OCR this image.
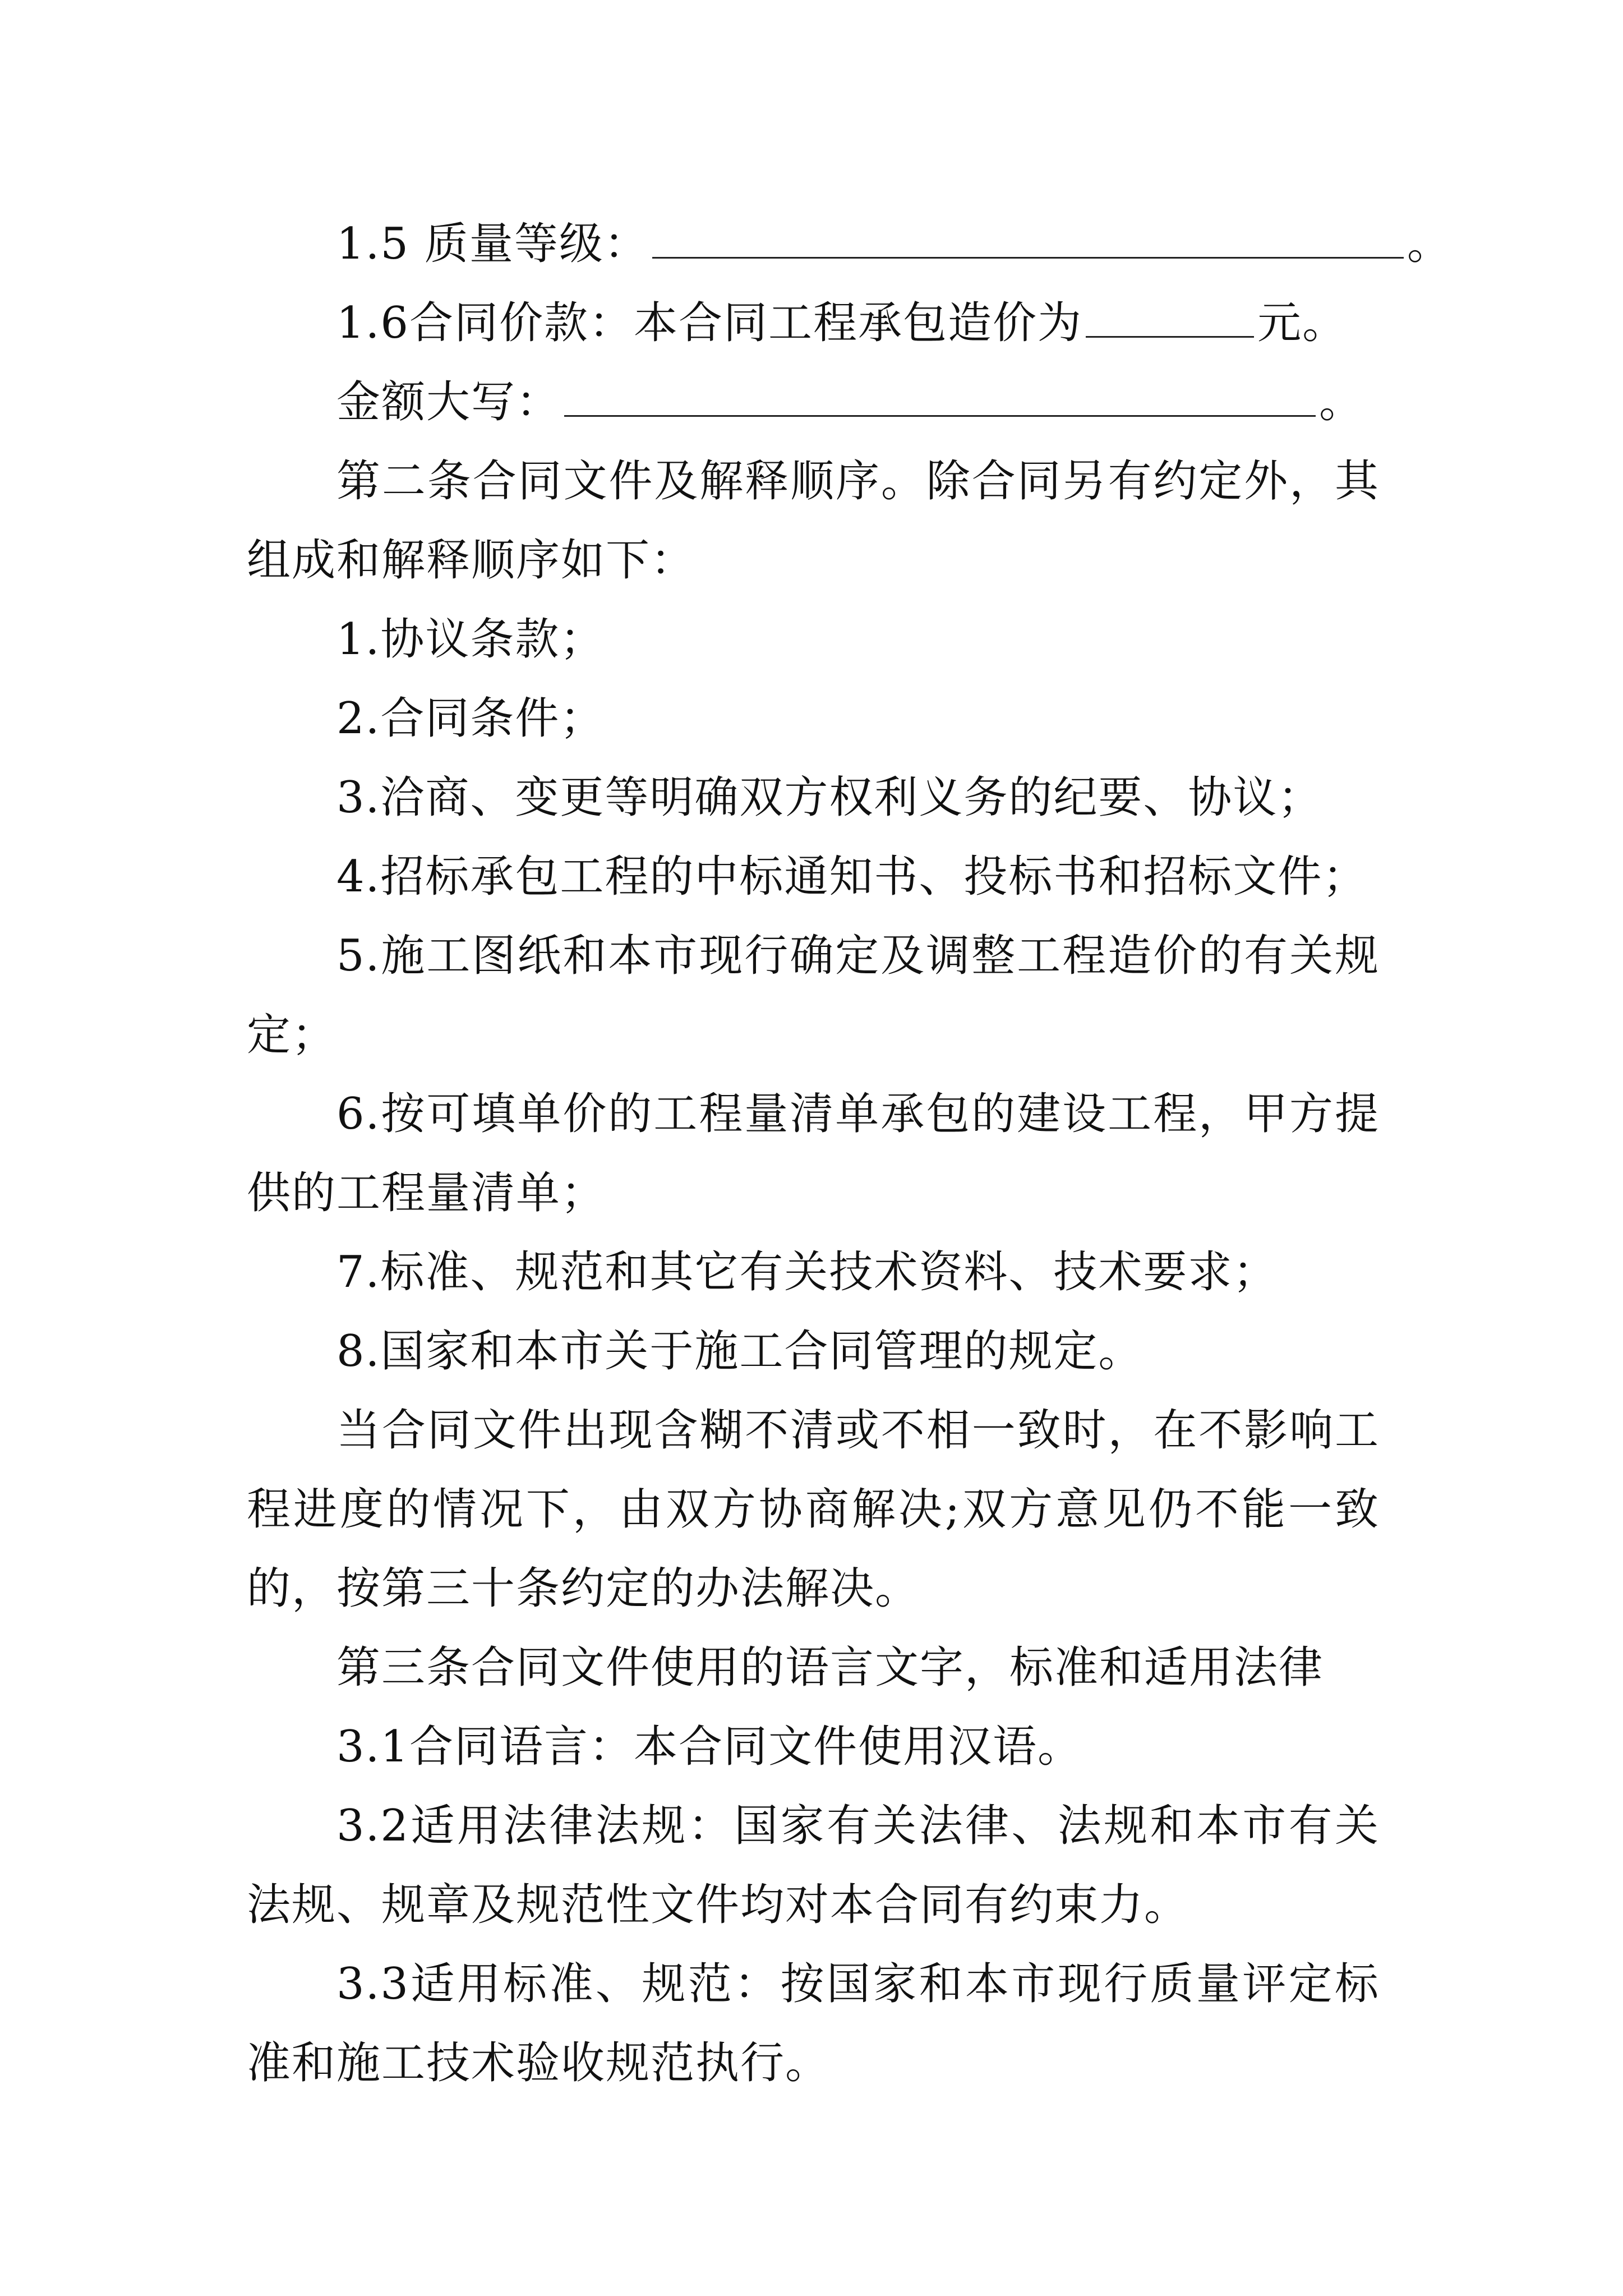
1.5 质量等级：	。

1.6合同价款：本合同工程承包造价为	元。

金额大写：	。

第二条合同文件及解释顺序。除合同另有约定外，其组成和解释顺序如下：

1.协议条款；

2.合同条件；

3.洽商、变更等明确双方权利义务的纪要、协议；

4.招标承包工程的中标通知书、投标书和招标文件；

5.施工图纸和本市现行确定及调整工程造价的有关规定；

6.按可填单价的工程量清单承包的建设工程，甲方提供的工程量清单；

7.标准、规范和其它有关技术资料、技术要求；

8.国家和本市关于施工合同管理的规定。

当合同文件出现含糊不清或不相一致时，在不影响工程进度的情况下，由双方协商解决;双方意见仍不能一致的，按第三十条约定的办法解决。

第三条合同文件使用的语言文字，标准和适用法律

3.1合同语言：本合同文件使用汉语。

3.2适用法律法规：国家有关法律、法规和本市有关法规、规章及规范性文件均对本合同有约束力。

3.3适用标准、规范：按国家和本市现行质量评定标准和施工技术验收规范执行。
